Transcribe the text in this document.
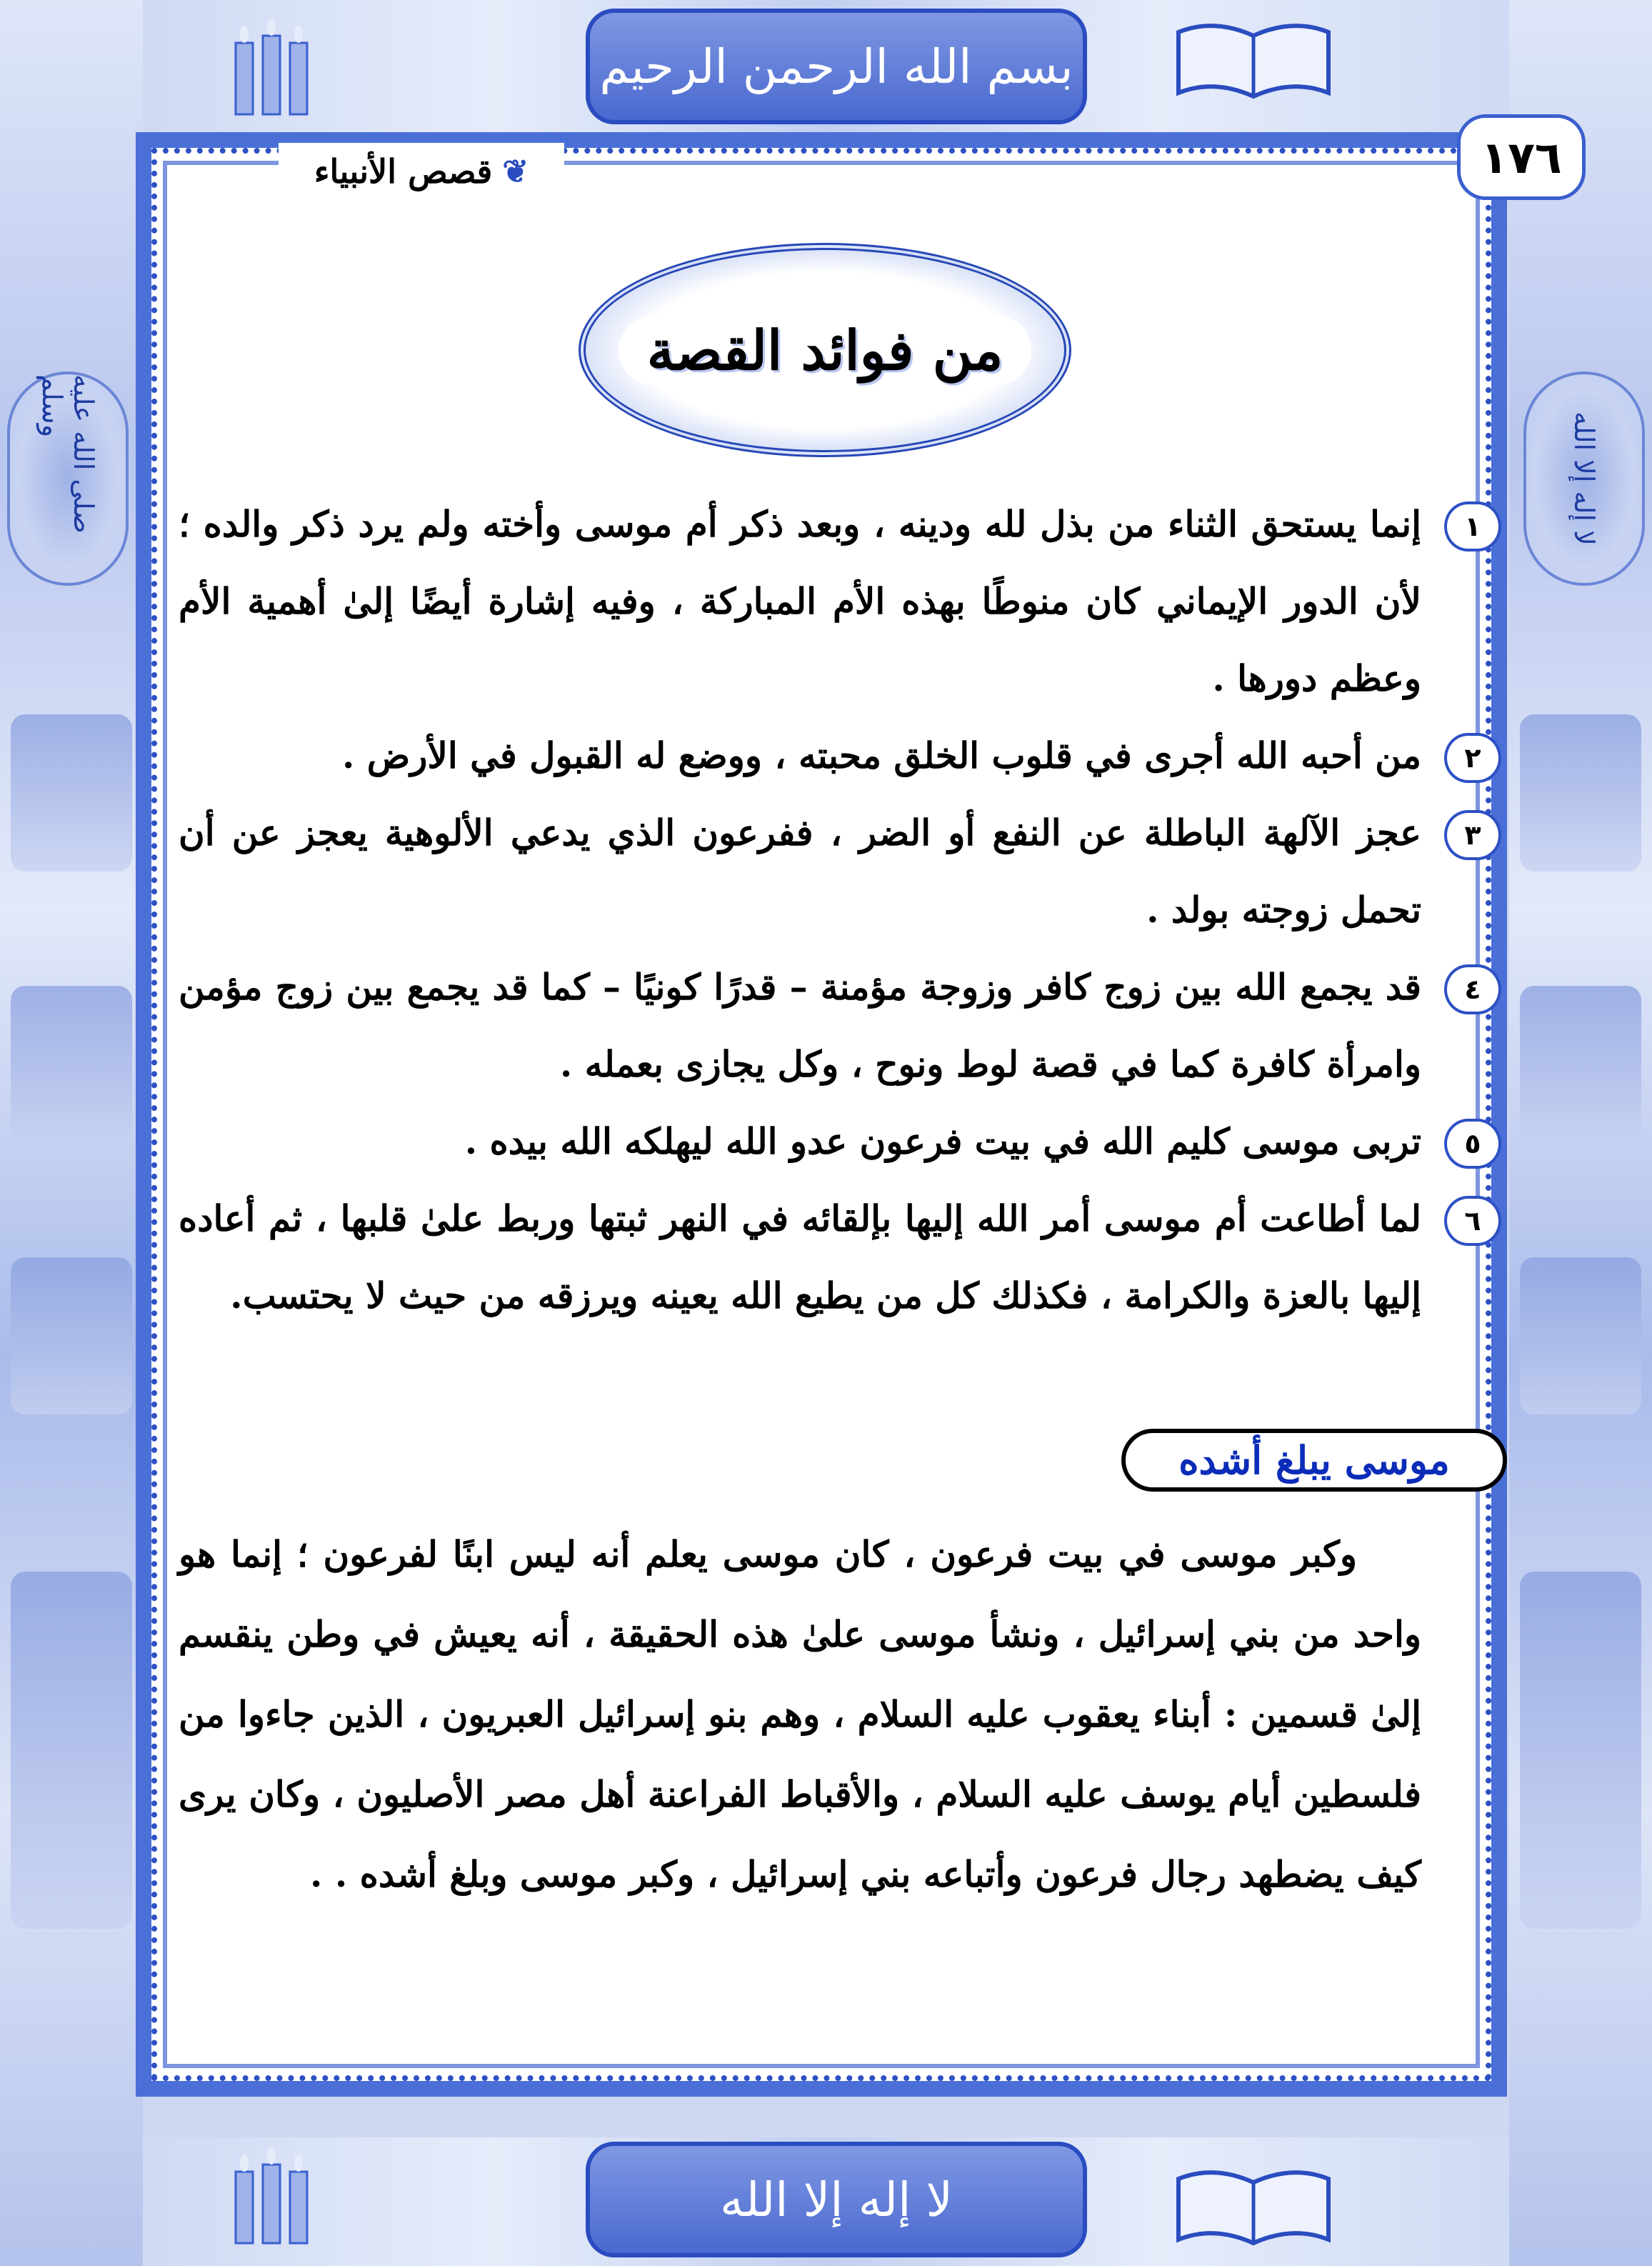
صلى الله عليه وسلم
لا إله إلا الله
بسم الله الرحمن الرحيم
لا إله إلا الله
١٧٦
❦
قصص الأنبياء
من فوائد القصة
١
إنما يستحق الثناء من بذل لله ودينه ، وبعد ذكر أم موسى وأخته ولم يرد ذكر والده ؛ لأن الدور الإيماني كان منوطًا بهذه الأم المباركة ، وفيه إشارة أيضًا إلىٰ أهمية الأم وعظم دورها .
٢
من أحبه الله أجرى في قلوب الخلق محبته ، ووضع له القبول في الأرض .
٣
عجز الآلهة الباطلة عن النفع أو الضر ، ففرعون الذي يدعي الألوهية يعجز عن أن تحمل زوجته بولد .
٤
قد يجمع الله بين زوج كافر وزوجة مؤمنة – قدرًا كونيًا – كما قد يجمع بين زوج مؤمن وامرأة كافرة كما في قصة لوط ونوح ، وكل يجازى بعمله .
٥
تربى موسى كليم الله في بيت فرعون عدو الله ليهلكه الله بيده .
٦
لما أطاعت أم موسى أمر الله إليها بإلقائه في النهر ثبتها وربط علىٰ قلبها ، ثم أعاده إليها بالعزة والكرامة ، فكذلك كل من يطيع الله يعينه ويرزقه من حيث لا يحتسب.
موسى يبلغ أشده
وكبر موسى في بيت فرعون ، كان موسى يعلم أنه ليس ابنًا لفرعون ؛ إنما هو واحد من بني إسرائيل ، ونشأ موسى علىٰ هذه الحقيقة ، أنه يعيش في وطن ينقسم إلىٰ قسمين : أبناء يعقوب عليه السلام ، وهم بنو إسرائيل العبريون ، الذين جاءوا من فلسطين أيام يوسف عليه السلام ، والأقباط الفراعنة أهل مصر الأصليون ، وكان يرى كيف يضطهد رجال فرعون وأتباعه بني إسرائيل ، وكبر موسى وبلغ أشده . .
